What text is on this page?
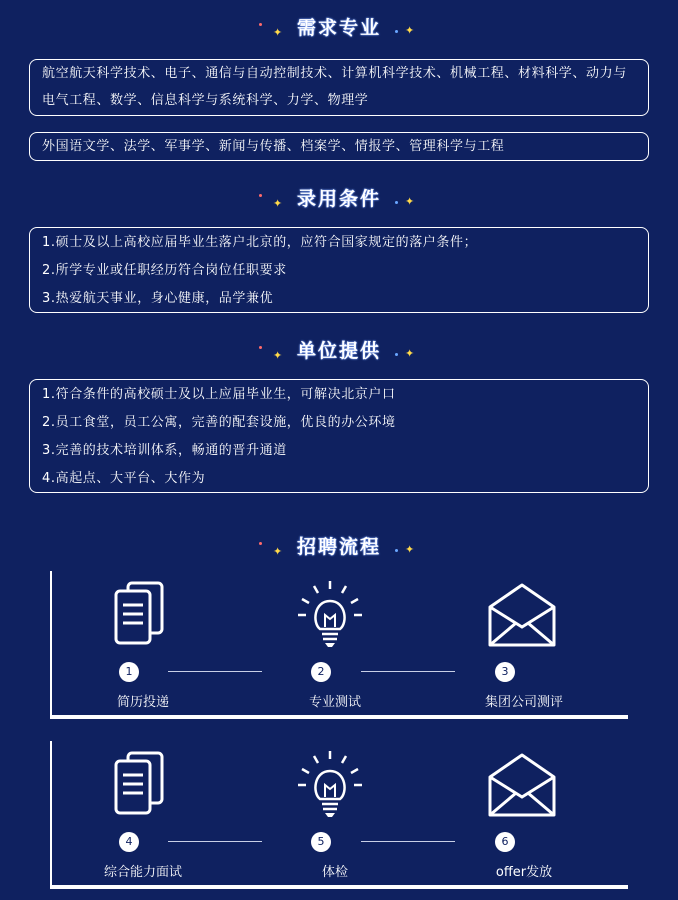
✦ 需求专业 ✦
航空航天科学技术、电子、通信与自动控制技术、计算机科学技术、机械工程、材料科学、动力与电气工程、数学、信息科学与系统科学、力学、物理学
外国语文学、法学、军事学、新闻与传播、档案学、情报学、管理科学与工程
✦ 录用条件 ✦
1.硕士及以上高校应届毕业生落户北京的，应符合国家规定的落户条件；
2.所学专业或任职经历符合岗位任职要求
3.热爱航天事业，身心健康，品学兼优
✦ 单位提供 ✦
1.符合条件的高校硕士及以上应届毕业生，可解决北京户口
2.员工食堂，员工公寓，完善的配套设施，优良的办公环境
3.完善的技术培训体系，畅通的晋升通道
4.高起点、大平台、大作为
✦ 招聘流程 ✦
1
简历投递
2
专业测试
3
集团公司测评
4
综合能力面试
5
体检
6
offer发放
